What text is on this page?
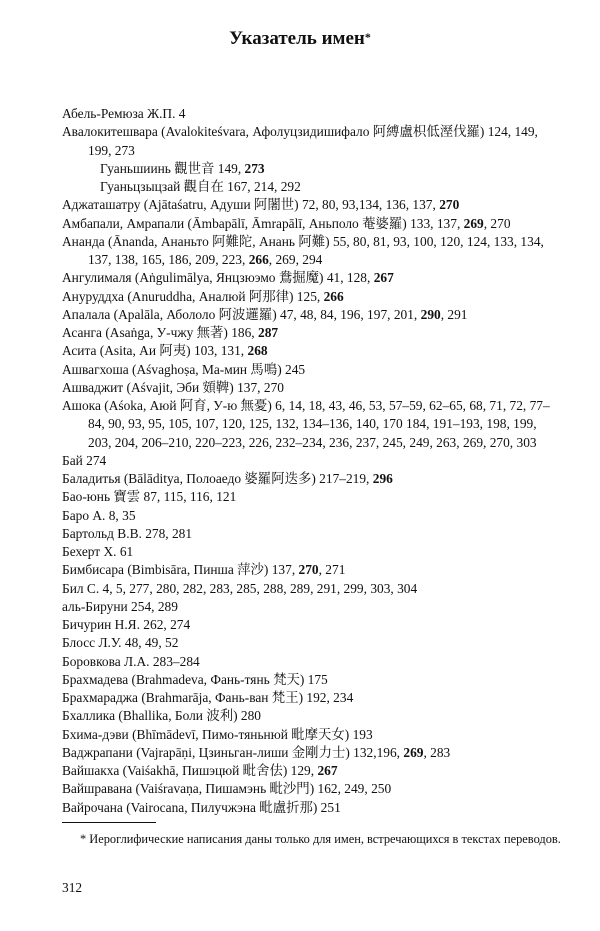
Указатель имен*
Абель-Ремюза Ж.П. 4
Авалокитешвара (Avalokiteśvara, Афолуцзидишифало 阿縛盧枳低溼伐羅) 124, 149, 199, 273
Гуаньшиинь 觀世音 149, 273
Гуаньцзыцзай 觀自在 167, 214, 292
Аджаташатру (Ajātaśatru, Адуши 阿闍世) 72, 80, 93,134, 136, 137, 270
Амбапали, Амрапали (Āmbapālī, Āmrapālī, Аньполо 菴婆羅) 133, 137, 269, 270
Ананда (Ānanda, Ананьто 阿難陀, Анань 阿難) 55, 80, 81, 93, 100, 120, 124, 133, 134, 137, 138, 165, 186, 209, 223, 266, 269, 294
Ангулималя (Aṅgulimālya, Янцзюэмо 鴦掘魔) 41, 128, 267
Ануруддха (Anuruddha, Аналюй 阿那律) 125, 266
Апалала (Apalāla, Абололо 阿波邏羅) 47, 48, 84, 196, 197, 201, 290, 291
Асанга (Asaṅga, У-чжу 無著) 186, 287
Асита (Asita, Аи 阿夷) 103, 131, 268
Ашвагхоша (Aśvaghoṣa, Ма-мин 馬鳴) 245
Ашваджит (Aśvajit, Эби 頞鞞) 137, 270
Ашока (Aśoka, Аюй 阿育, У-ю 無憂) 6, 14, 18, 43, 46, 53, 57–59, 62–65, 68, 71, 72, 77–84, 90, 93, 95, 105, 107, 120, 125, 132, 134–136, 140, 170 184, 191–193, 198, 199, 203, 204, 206–210, 220–223, 226, 232–234, 236, 237, 245, 249, 263, 269, 270, 303
Бай 274
Баладитья (Bālāditya, Полоаедо 婆羅阿迭多) 217–219, 296
Бао-юнь 寶雲 87, 115, 116, 121
Баро А. 8, 35
Бартольд В.В. 278, 281
Бехерт Х. 61
Бимбисара (Bimbisāra, Пинша 萍沙) 137, 270, 271
Бил С. 4, 5, 277, 280, 282, 283, 285, 288, 289, 291, 299, 303, 304
аль-Бируни 254, 289
Бичурин Н.Я. 262, 274
Блосс Л.У. 48, 49, 52
Боровкова Л.А. 283–284
Брахмадева (Brahmadeva, Фань-тянь 梵天) 175
Брахмараджа (Brahmarāja, Фань-ван 梵王) 192, 234
Бхаллика (Bhallika, Боли 波利) 280
Бхима-дэви (Bhīmādevī, Пимо-тяньнюй 毗摩天女) 193
Ваджрапани (Vajrapāṇi, Цзиньган-лиши 金剛力士) 132,196, 269, 283
Вайшакха (Vaiśakhā, Пишэцюй 毗舍佉) 129, 267
Вайшравана (Vaiśravaṇa, Пишамэнь 毗沙門) 162, 249, 250
Вайрочана (Vairocana, Пилучжэна 毗盧折那) 251
* Иероглифические написания даны только для имен, встречающихся в текстах переводов.
312
